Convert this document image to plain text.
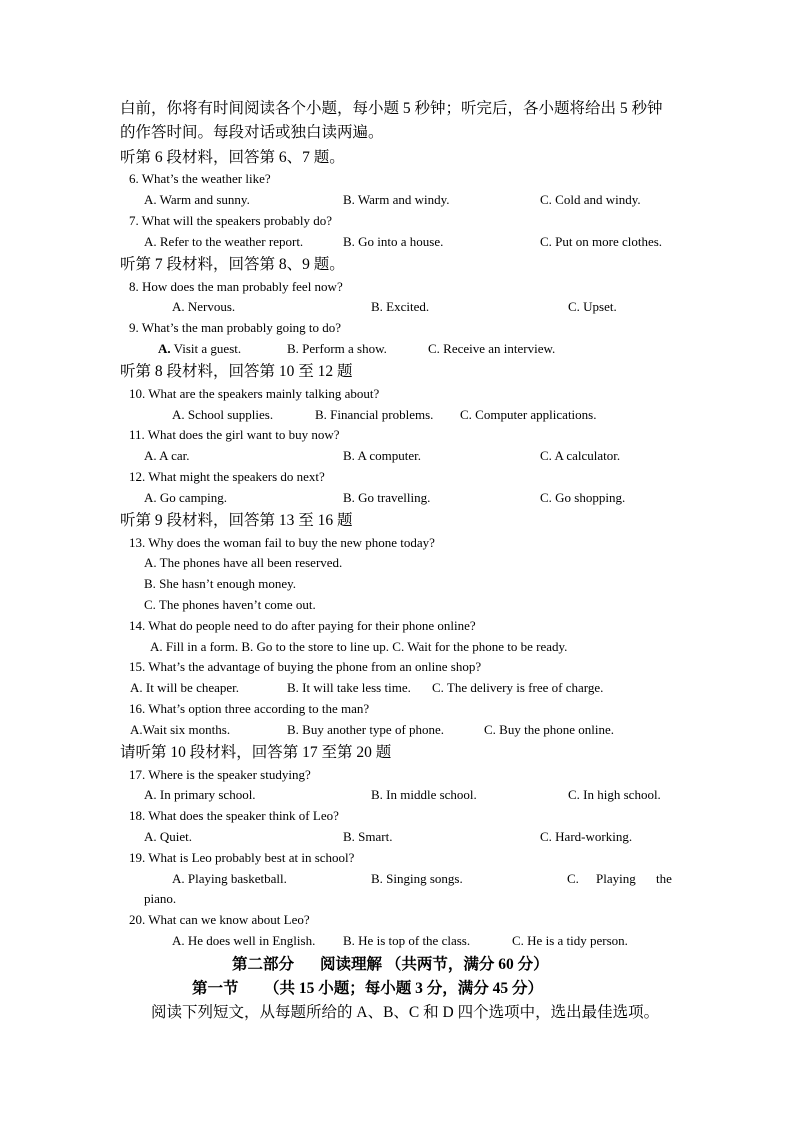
白前，你将有时间阅读各个小题，每小题 5 秒钟；听完后，各小题将给出 5 秒钟
的作答时间。每段对话或独白读两遍。
听第 6 段材料，回答第 6、7 题。
6. What’s the weather like?
A. Warm and sunny.	B. Warm and windy.	C. Cold and windy.
7. What will the speakers probably do?
A. Refer to the weather report.	B. Go into a house.	C. Put on more clothes.
听第 7 段材料，回答第 8、9 题。
8. How does the man probably feel now?
A. Nervous.	B. Excited.	C. Upset.
9. What’s the man probably going to do?
A. Visit a guest.	B. Perform a show.	C. Receive an interview.
听第 8 段材料，回答第 10 至 12 题
10. What are the speakers mainly talking about?
A. School supplies.	B. Financial problems. C. Computer applications.
11. What does the girl want to buy now?
A. A car.	B. A computer.	C. A calculator.
12. What might the speakers do next?
A. Go camping.	B. Go travelling.	C. Go shopping.
听第 9 段材料，回答第 13 至 16 题
13. Why does the woman fail to buy the new phone today?
A. The phones have all been reserved.
B. She hasn’t enough money.
C. The phones haven’t come out.
14. What do people need to do after paying for their phone online?
A. Fill in a form. B. Go to the store to line up. C. Wait for the phone to be ready.
15. What’s the advantage of buying the phone from an online shop?
A. It will be cheaper.	B. It will take less time. C. The delivery is free of charge.
16. What’s option three according to the man?
A.Wait six months.	B. Buy another type of phone.	C. Buy the phone online.
请听第 10 段材料，回答第 17 至第 20 题
17. Where is the speaker studying?
A. In primary school.	B. In middle school.	C. In high school.
18. What does the speaker think of Leo?
A. Quiet.	B. Smart.	C. Hard-working.
19. What is Leo probably best at in school?
A. Playing basketball.	B. Singing songs.	C. Playing the
piano.
20. What can we know about Leo?
A. He does well in English. B. He is top of the class.	C. He is a tidy person.
第二部分 阅读理解 （共两节，满分 60 分）
第一节 （共 15 小题；每小题 3 分，满分 45 分）
阅读下列短文，从每题所给的 A、B、C 和 D 四个选项中，选出最佳选项。
